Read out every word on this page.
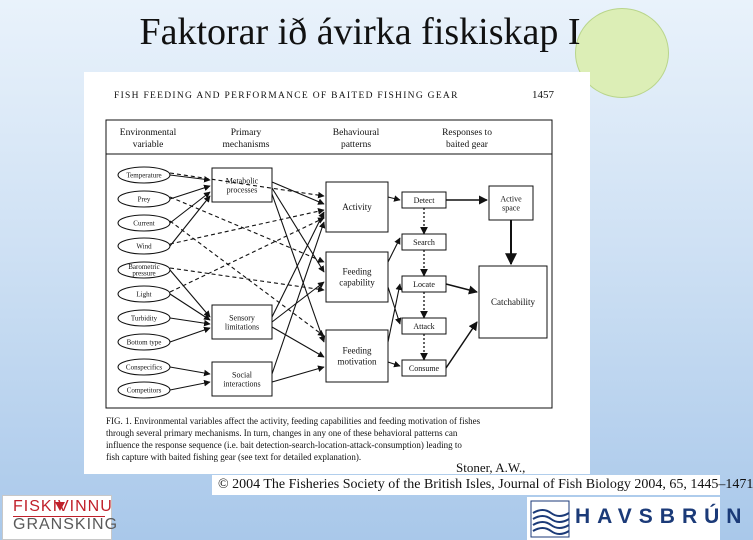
Faktorar ið ávirka fiskiskap I
FISH FEEDING AND PERFORMANCE OF BAITED FISHING GEAR	1457
Environmental
variable
Primary
mechanisms
Behavioural
patterns
Responses to
baited gear
Temperature
Prey
Current
Wind
Barometric
pressure
Light
Turbidity
Bottom type
Conspecifics
Competitors
Metabolic
processes
Sensory
limitations
Social
interactions
Activity
Feeding
capability
Feeding
motivation
Detect
Search
Locate
Attack
Consume
Active
space
Catchability
FIG. 1. Environmental variables affect the activity, feeding capabilities and feeding motivation of fishes
through several primary mechanisms. In turn, changes in any one of these behavioral patterns can
influence the response sequence (i.e. bait detection-search-location-attack-consumption) leading to
fish capture with baited fishing gear (see text for detailed explanation).
Stoner, A.W.,
© 2004 The Fisheries Society of the British Isles, Journal of Fish Biology 2004, 65, 1445–1471
FISKIVINNU
GRANSKING	HAVSBRÚN
